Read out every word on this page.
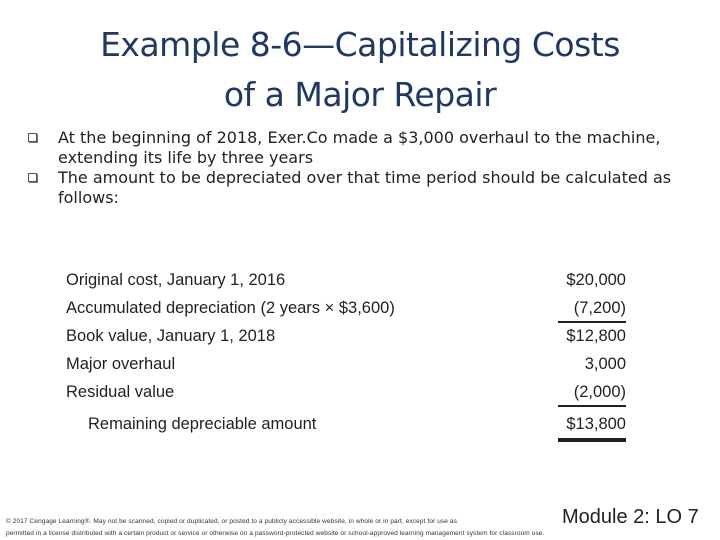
Example 8-6—Capitalizing Costs
of a Major Repair
At the beginning of 2018, Exer.Co made a $3,000 overhaul to the machine, extending its life by three years
The amount to be depreciated over that time period should be calculated as follows:
Original cost, January 1, 2016	$20,000
Accumulated depreciation (2 years × $3,600)	(7,200)
Book value, January 1, 2018	$12,800
Major overhaul	3,000
Residual value	(2,000)
Remaining depreciable amount	$13,800
© 2017 Cengage Learning®. May not be scanned, copied or duplicated, or posted to a publicly accessible website, in whole or in part, except for use as
permitted in a license distributed with a certain product or service or otherwise on a password-protected website or school-approved learning management system for classroom use.
Module 2: LO 7
